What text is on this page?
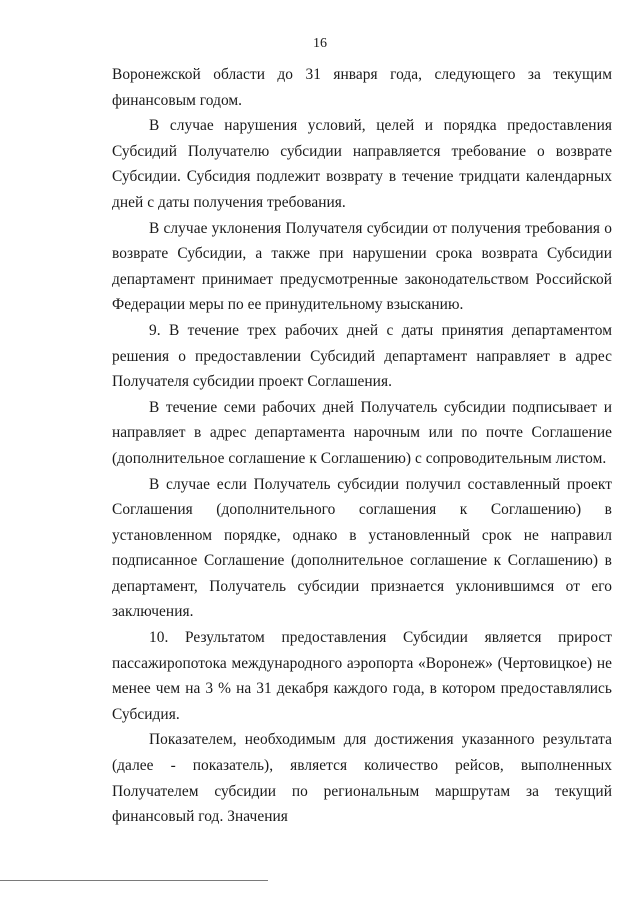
16

Воронежской области до 31 января года, следующего за текущим финансовым годом.

В случае нарушения условий, целей и порядка предоставления Субсидий Получателю субсидии направляется требование о возврате Субсидии. Субсидия подлежит возврату в течение тридцати календарных дней с даты получения требования.

В случае уклонения Получателя субсидии от получения требования о возврате Субсидии, а также при нарушении срока возврата Субсидии департамент принимает предусмотренные законодательством Российской Федерации меры по ее принудительному взысканию.

9. В течение трех рабочих дней с даты принятия департаментом решения о предоставлении Субсидий департамент направляет в адрес Получателя субсидии проект Соглашения.

В течение семи рабочих дней Получатель субсидии подписывает и направляет в адрес департамента нарочным или по почте Соглашение (дополнительное соглашение к Соглашению) с сопроводительным листом.

В случае если Получатель субсидии получил составленный проект Соглашения (дополнительного соглашения к Соглашению) в установленном порядке, однако в установленный срок не направил подписанное Соглашение (дополнительное соглашение к Соглашению) в департамент, Получатель субсидии признается уклонившимся от его заключения.

10. Результатом предоставления Субсидии является прирост пассажиропотока международного аэропорта «Воронеж» (Чертовицкое) не менее чем на 3 % на 31 декабря каждого года, в котором предоставлялись Субсидия.

Показателем, необходимым для достижения указанного результата (далее - показатель), является количество рейсов, выполненных Получателем субсидии по региональным маршрутам за текущий финансовый год. Значения
